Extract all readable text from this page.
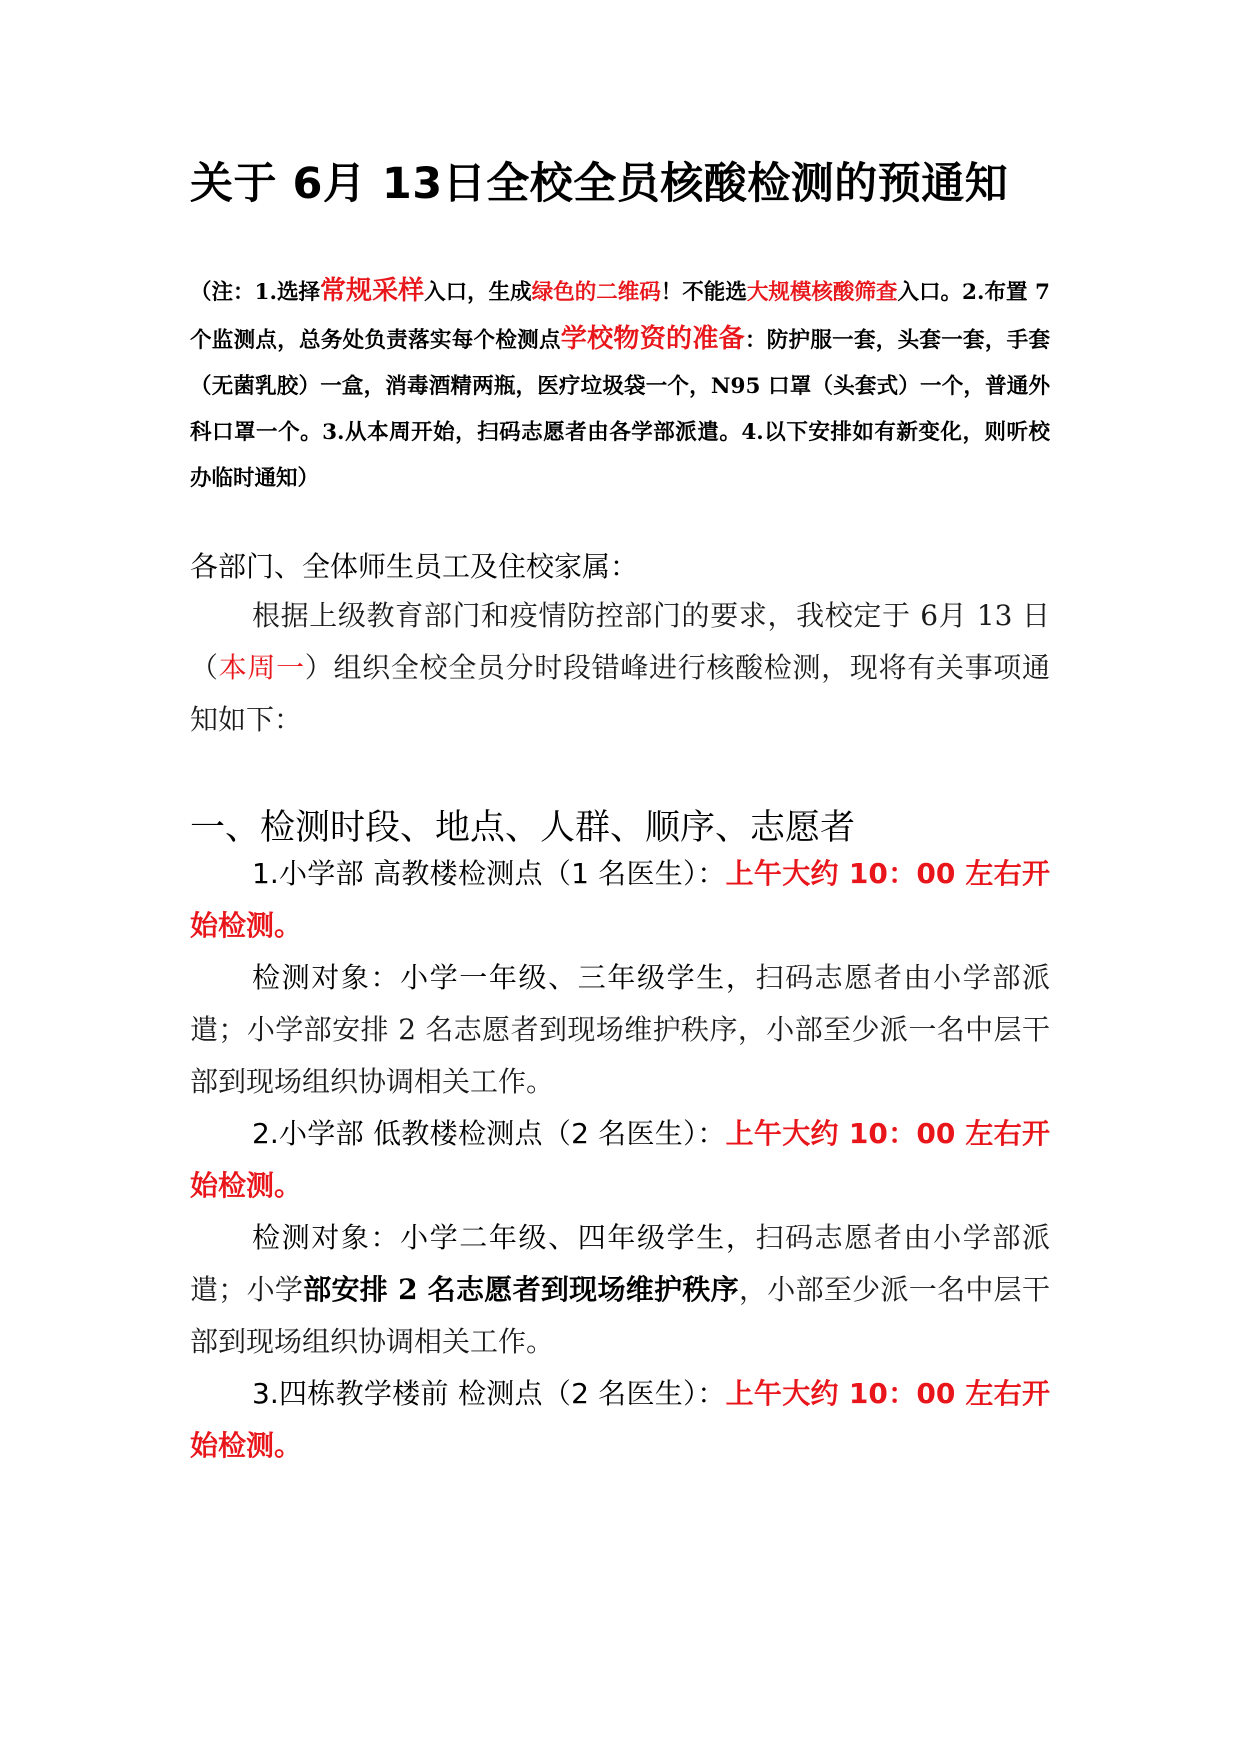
关于 6月 13日全校全员核酸检测的预通知
（注：1.选择常规采样入口，生成绿色的二维码！不能选大规模核酸筛查入口。2.布置 7 个监测点，总务处负责落实每个检测点学校物资的准备：防护服一套，头套一套，手套（无菌乳胶）一盒，消毒酒精两瓶，医疗垃圾袋一个，N95 口罩（头套式）一个，普通外科口罩一个。3.从本周开始，扫码志愿者由各学部派遣。4.以下安排如有新变化，则听校办临时通知）
各部门、全体师生员工及住校家属：
根据上级教育部门和疫情防控部门的要求，我校定于 6月 13 日（本周一）组织全校全员分时段错峰进行核酸检测，现将有关事项通知如下：
一、检测时段、地点、人群、顺序、志愿者
1.小学部 高教楼检测点（1 名医生）：上午大约 10：00 左右开始检测。
检测对象：小学一年级、三年级学生，扫码志愿者由小学部派遣；小学部安排 2 名志愿者到现场维护秩序，小部至少派一名中层干部到现场组织协调相关工作。
2.小学部 低教楼检测点（2 名医生）：上午大约 10：00 左右开始检测。
检测对象：小学二年级、四年级学生，扫码志愿者由小学部派遣；小学部安排 2 名志愿者到现场维护秩序，小部至少派一名中层干部到现场组织协调相关工作。
3.四栋教学楼前 检测点（2 名医生）：上午大约 10：00 左右开始检测。
